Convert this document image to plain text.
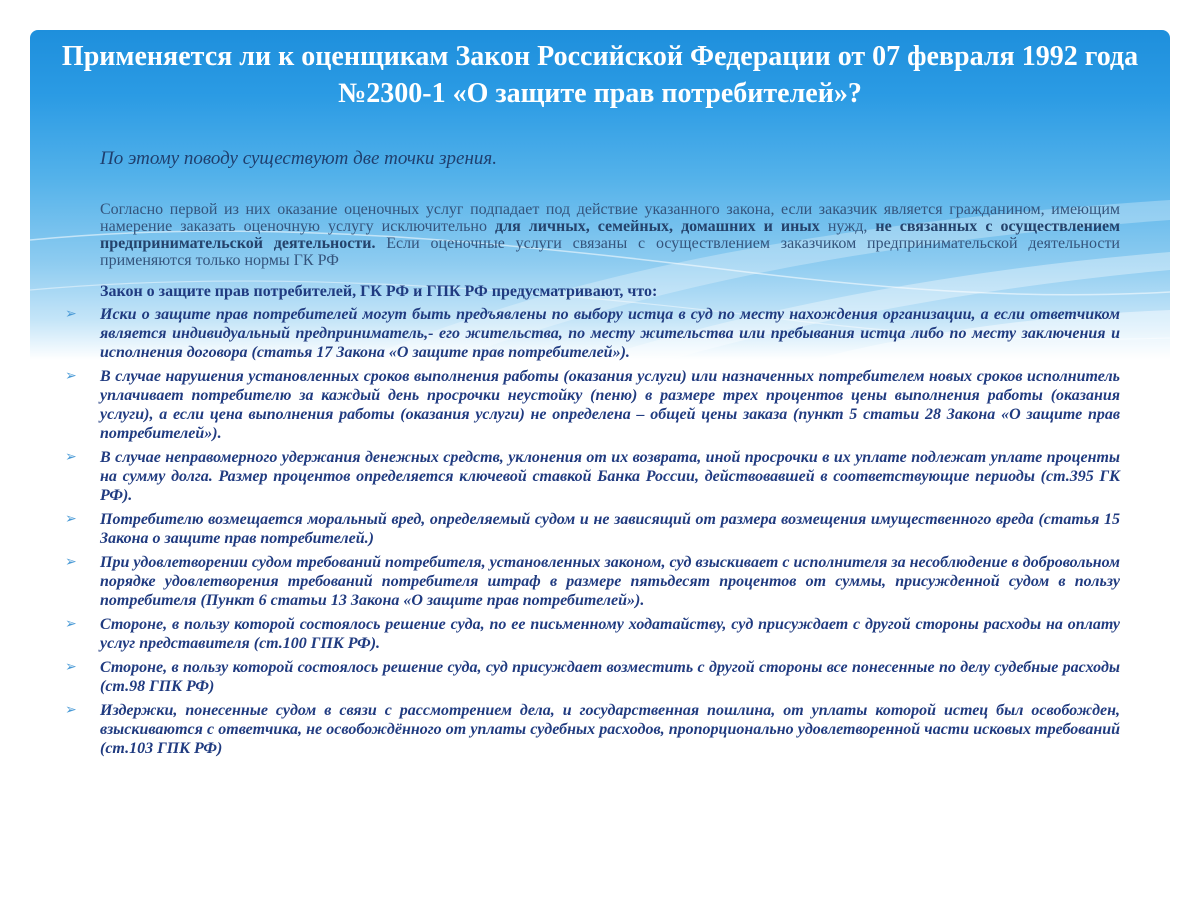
Применяется ли к оценщикам Закон Российской Федерации от 07 февраля 1992 года №2300-1 «О защите прав потребителей»?

По этому поводу существуют две точки зрения.

Согласно первой из них оказание оценочных услуг подпадает под действие указанного закона, если заказчик является гражданином, имеющим намерение заказать оценочную услугу исключительно для личных, семейных, домашних и иных нужд, не связанных с осуществлением предпринимательской деятельности. Если оценочные услуги связаны с осуществлением заказчиком предпринимательской деятельности применяются только нормы ГК РФ

Закон о защите прав потребителей, ГК РФ и ГПК РФ предусматривают, что:

➢ Иски о защите прав потребителей могут быть предъявлены по выбору истца в суд по месту нахождения организации, а если ответчиком является индивидуальный предприниматель,- его жительства, по месту жительства или пребывания истца либо по месту заключения и исполнения договора (статья 17 Закона «О защите прав потребителей»).
➢ В случае нарушения установленных сроков выполнения работы (оказания услуги) или назначенных потребителем новых сроков исполнитель уплачивает потребителю за каждый день просрочки неустойку (пеню) в размере трех процентов цены выполнения работы (оказания услуги), а если цена выполнения работы (оказания услуги) не определена – общей цены заказа (пункт 5 статьи 28 Закона «О защите прав потребителей»).
➢ В случае неправомерного удержания денежных средств, уклонения от их возврата, иной просрочки в их уплате подлежат уплате проценты на сумму долга. Размер процентов определяется ключевой ставкой Банка России, действовавшей в соответствующие периоды (ст.395 ГК РФ).
➢ Потребителю возмещается моральный вред, определяемый судом и не зависящий от размера возмещения имущественного вреда (статья 15 Закона о защите прав потребителей.)
➢ При удовлетворении судом требований потребителя, установленных законом, суд взыскивает с исполнителя за несоблюдение в добровольном порядке удовлетворения требований потребителя штраф в размере пятьдесят процентов от суммы, присужденной судом в пользу потребителя (Пункт 6 статьи 13 Закона «О защите прав потребителей»).
➢ Стороне, в пользу которой состоялось решение суда, по ее письменному ходатайству, суд присуждает с другой стороны расходы на оплату услуг представителя (ст.100 ГПК РФ).
➢ Стороне, в пользу которой состоялось решение суда, суд присуждает возместить с другой стороны все понесенные по делу судебные расходы (ст.98 ГПК РФ)
➢ Издержки, понесенные судом в связи с рассмотрением дела, и государственная пошлина, от уплаты которой истец был освобожден, взыскиваются с ответчика, не освобождённого от уплаты судебных расходов, пропорционально удовлетворенной части исковых требований (ст.103 ГПК РФ)
